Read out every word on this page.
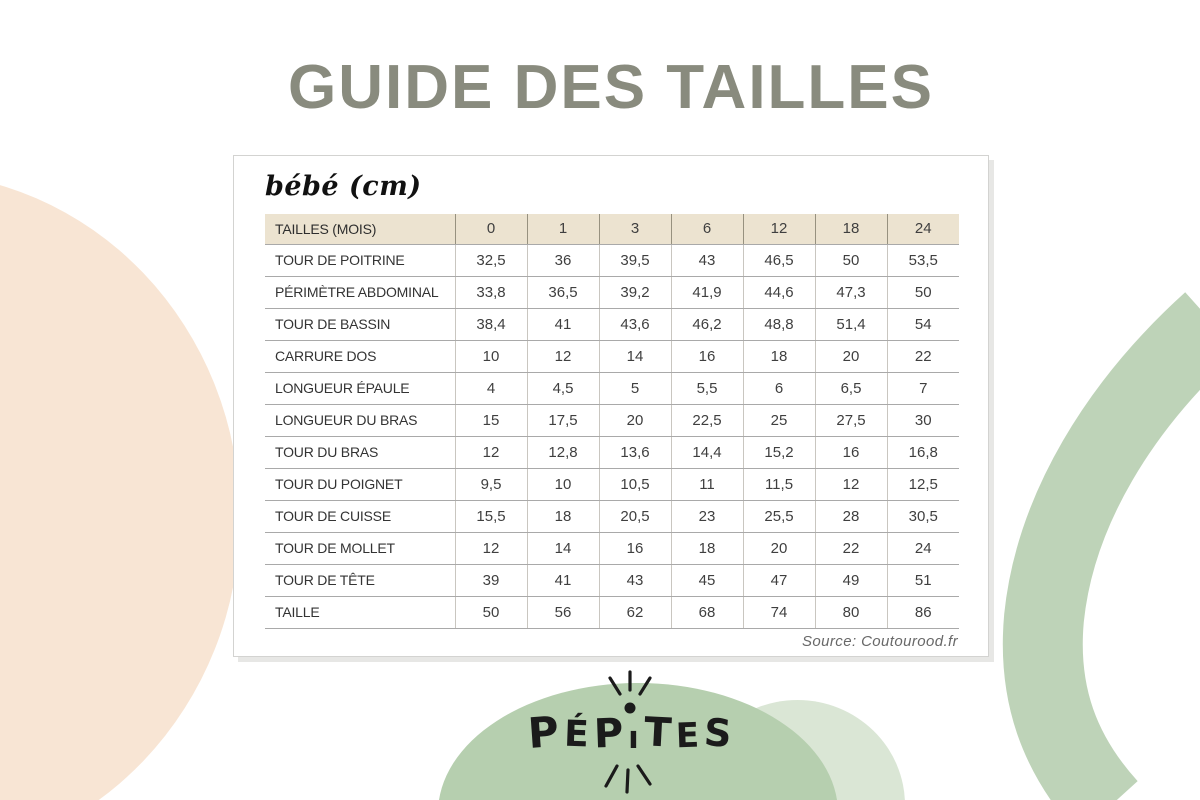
GUIDE DES TAILLES
bébé (cm)
TAILLES (MOIS)	0	1	3	6	12	18	24
TOUR DE POITRINE	32,5	36	39,5	43	46,5	50	53,5
PÉRIMÈTRE ABDOMINAL	33,8	36,5	39,2	41,9	44,6	47,3	50
TOUR DE BASSIN	38,4	41	43,6	46,2	48,8	51,4	54
CARRURE DOS	10	12	14	16	18	20	22
LONGUEUR ÉPAULE	4	4,5	5	5,5	6	6,5	7
LONGUEUR DU BRAS	15	17,5	20	22,5	25	27,5	30
TOUR DU BRAS	12	12,8	13,6	14,4	15,2	16	16,8
TOUR DU POIGNET	9,5	10	10,5	11	11,5	12	12,5
TOUR DE CUISSE	15,5	18	20,5	23	25,5	28	30,5
TOUR DE MOLLET	12	14	16	18	20	22	24
TOUR DE TÊTE	39	41	43	45	47	49	51
TAILLE	50	56	62	68	74	80	86
Source: Coutourood.fr
P É P ı T E S
